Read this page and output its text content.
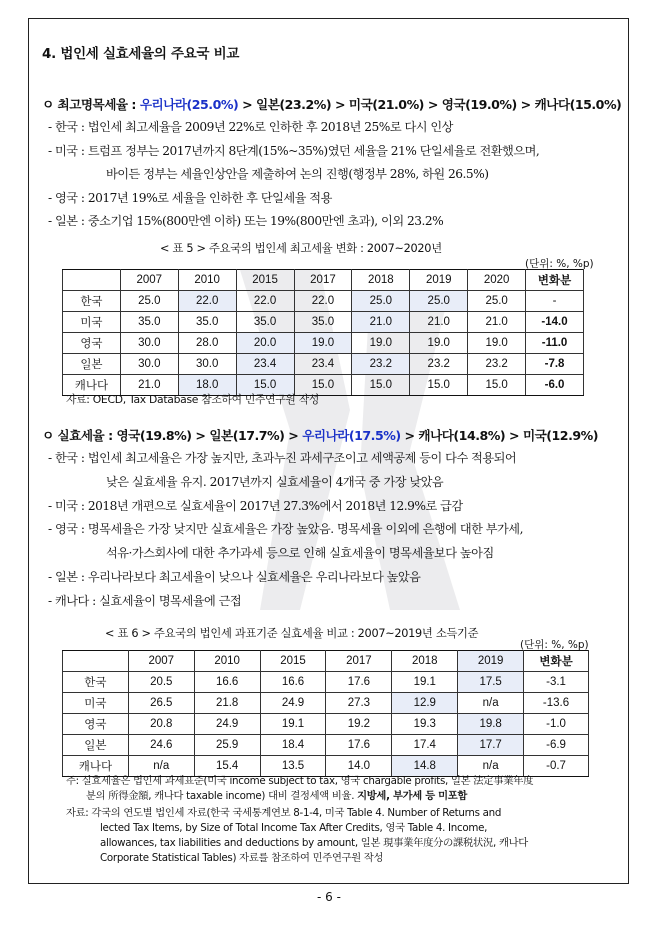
4. 법인세 실효세율의 주요국 비교
ㅇ 최고명목세율 : 우리나라(25.0%) > 일본(23.2%) > 미국(21.0%) > 영국(19.0%) > 캐나다(15.0%)
- 한국 : 법인세 최고세율을 2009년 22%로 인하한 후 2018년 25%로 다시 인상
- 미국 : 트럼프 정부는 2017년까지 8단계(15%~35%)였던 세율을 21% 단일세율로 전환했으며,
바이든 정부는 세율인상안을 제출하여 논의 진행(행정부 28%, 하원 26.5%)
- 영국 : 2017년 19%로 세율을 인하한 후 단일세율 적용
- 일본 : 중소기업 15%(800만엔 이하) 또는 19%(800만엔 초과), 이외 23.2%
< 표 5 > 주요국의 법인세 최고세율 변화 : 2007~2020년
(단위: %, %p)
	2007	2010	2015	2017	2018	2019	2020	변화분
한국	25.0	22.0	22.0	22.0	25.0	25.0	25.0	-
미국	35.0	35.0	35.0	35.0	21.0	21.0	21.0	-14.0
영국	30.0	28.0	20.0	19.0	19.0	19.0	19.0	-11.0
일본	30.0	30.0	23.4	23.4	23.2	23.2	23.2	-7.8
캐나다	21.0	18.0	15.0	15.0	15.0	15.0	15.0	-6.0
자료: OECD, Tax Database 참조하여 민주연구원 작성
ㅇ 실효세율 : 영국(19.8%) > 일본(17.7%) > 우리나라(17.5%) > 캐나다(14.8%) > 미국(12.9%)
- 한국 : 법인세 최고세율은 가장 높지만, 초과누진 과세구조이고 세액공제 등이 다수 적용되어
낮은 실효세율 유지. 2017년까지 실효세율이 4개국 중 가장 낮았음
- 미국 : 2018년 개편으로 실효세율이 2017년 27.3%에서 2018년 12.9%로 급감
- 영국 : 명목세율은 가장 낮지만 실효세율은 가장 높았음. 명목세율 이외에 은행에 대한 부가세,
석유·가스회사에 대한 추가과세 등으로 인해 실효세율이 명목세율보다 높아짐
- 일본 : 우리나라보다 최고세율이 낮으나 실효세율은 우리나라보다 높았음
- 캐나다 : 실효세율이 명목세율에 근접
< 표 6 > 주요국의 법인세 과표기준 실효세율 비교 : 2007~2019년 소득기준
(단위: %, %p)
	2007	2010	2015	2017	2018	2019	변화분
한국	20.5	16.6	16.6	17.6	19.1	17.5	-3.1
미국	26.5	21.8	24.9	27.3	12.9	n/a	-13.6
영국	20.8	24.9	19.1	19.2	19.3	19.8	-1.0
일본	24.6	25.9	18.4	17.6	17.4	17.7	-6.9
캐나다	n/a	15.4	13.5	14.0	14.8	n/a	-0.7
주: 실효세율은 법인세 과세표준(미국 income subject to tax, 영국 chargable profits, 일본 法定事業年度
분의 所得金額, 캐나다 taxable income) 대비 결정세액 비율. 지방세, 부가세 등 미포함
자료: 각국의 연도별 법인세 자료(한국 국세통계연보 8-1-4, 미국 Table 4. Number of Returns and
lected Tax Items, by Size of Total Income Tax After Credits, 영국 Table 4. Income,
allowances, tax liabilities and deductions by amount, 일본 現事業年度分の課税状況, 캐나다
Corporate Statistical Tables) 자료를 참조하여 민주연구원 작성
- 6 -
